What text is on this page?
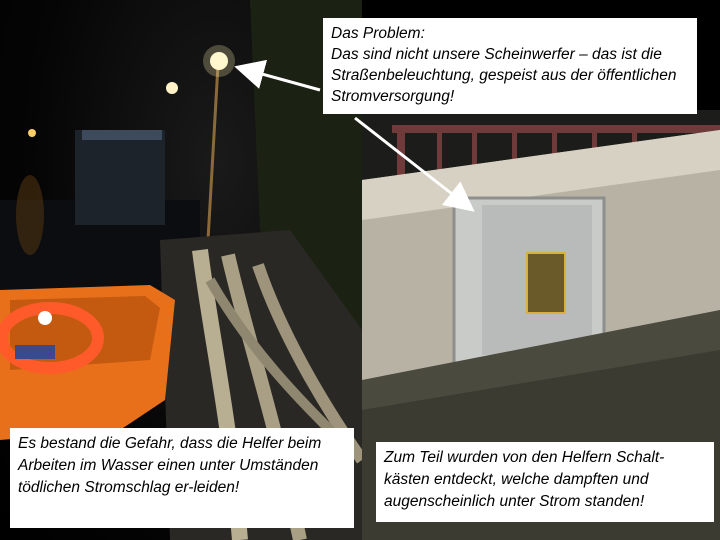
Das Problem:
Das sind nicht unsere Scheinwerfer – das ist die Straßenbeleuchtung, gespeist aus der öffentlichen Stromversorgung!
Es bestand die Gefahr, dass die Helfer beim Arbeiten im Wasser einen unter Umständen tödlichen Stromschlag er-leiden!
Zum Teil wurden von den Helfern Schalt-kästen entdeckt, welche dampften und augenscheinlich unter Strom standen!
